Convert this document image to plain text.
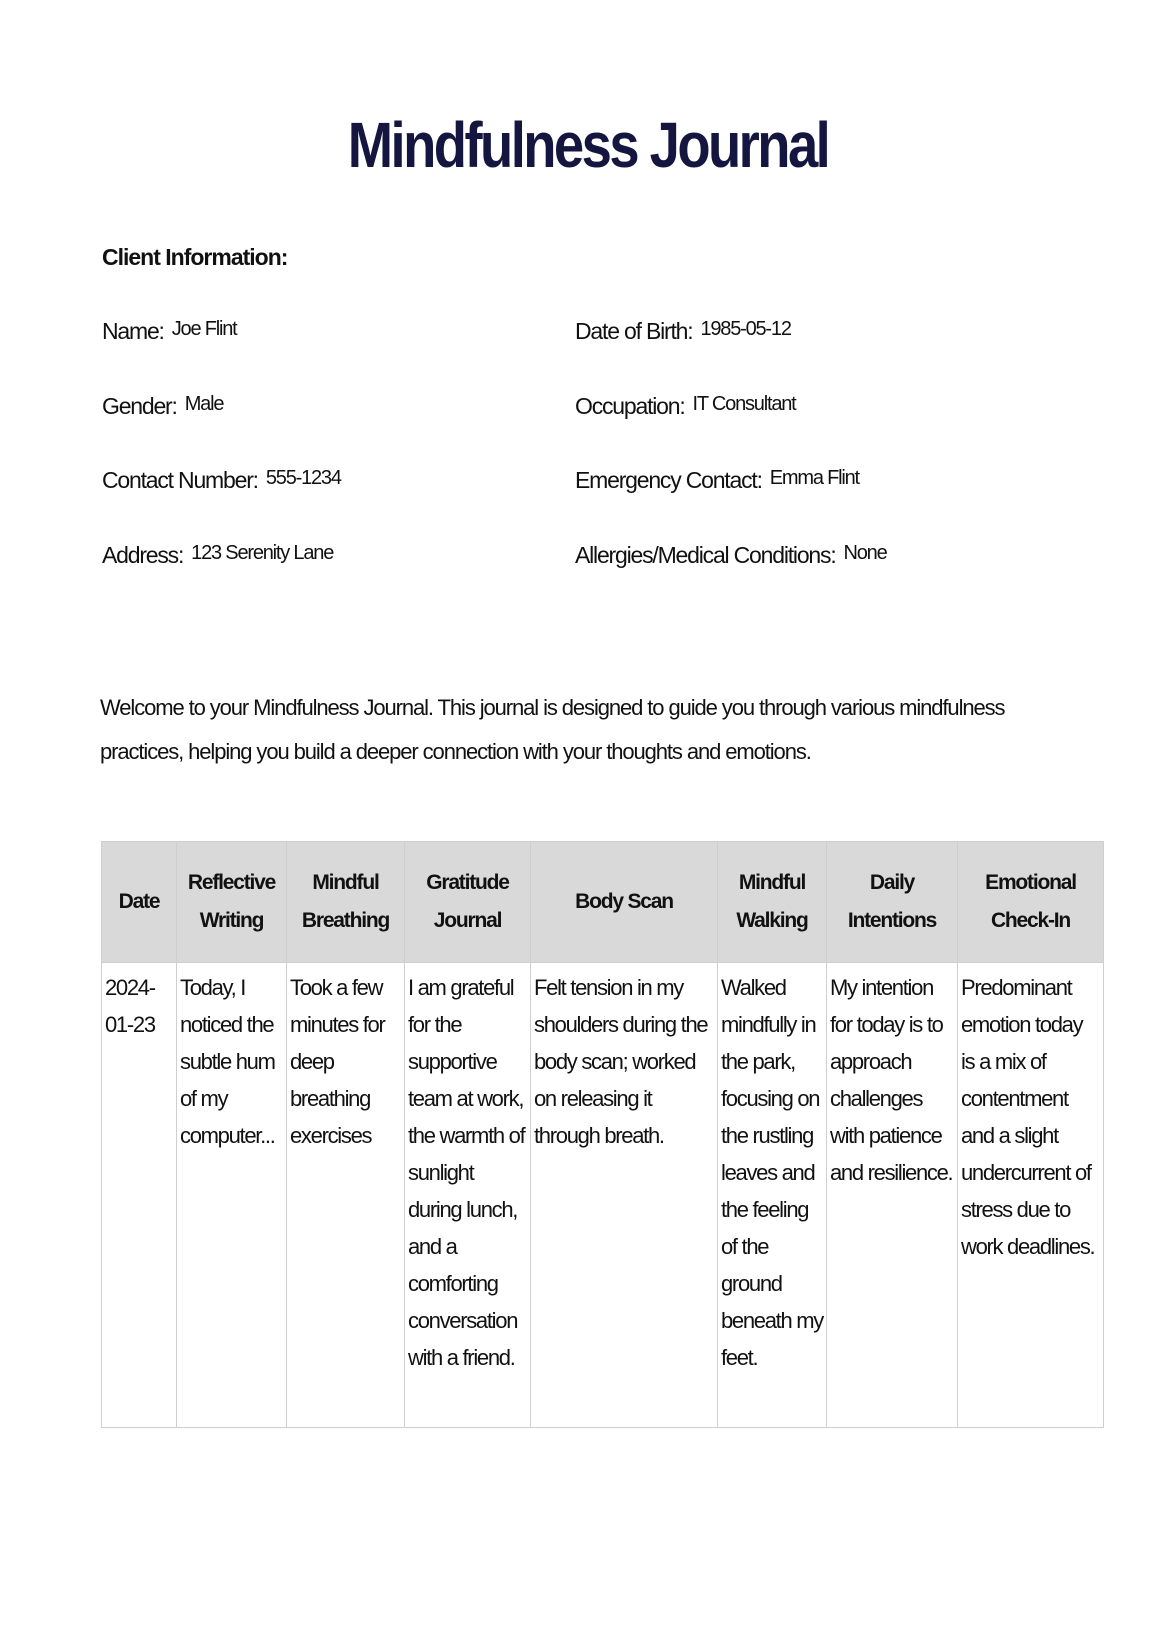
Mindfulness Journal
Client Information:
Name: Joe Flint	Date of Birth: 1985-05-12
Gender: Male	Occupation: IT Consultant
Contact Number: 555-1234	Emergency Contact: Emma Flint
Address: 123 Serenity Lane	Allergies/Medical Conditions: None
Welcome to your Mindfulness Journal. This journal is designed to guide you through various mindfulness practices, helping you build a deeper connection with your thoughts and emotions.
Date	Reflective Writing	Mindful Breathing	Gratitude Journal	Body Scan	Mindful Walking	Daily Intentions	Emotional Check-In
2024-01-23	Today, I noticed the subtle hum of my computer...	Took a few minutes for deep breathing exercises	I am grateful for the supportive team at work, the warmth of sunlight during lunch, and a comforting conversation with a friend.	Felt tension in my shoulders during the body scan; worked on releasing it through breath.	Walked mindfully in the park, focusing on the rustling leaves and the feeling of the ground beneath my feet.	My intention for today is to approach challenges with patience and resilience.	Predominant emotion today is a mix of contentment and a slight undercurrent of stress due to work deadlines.
